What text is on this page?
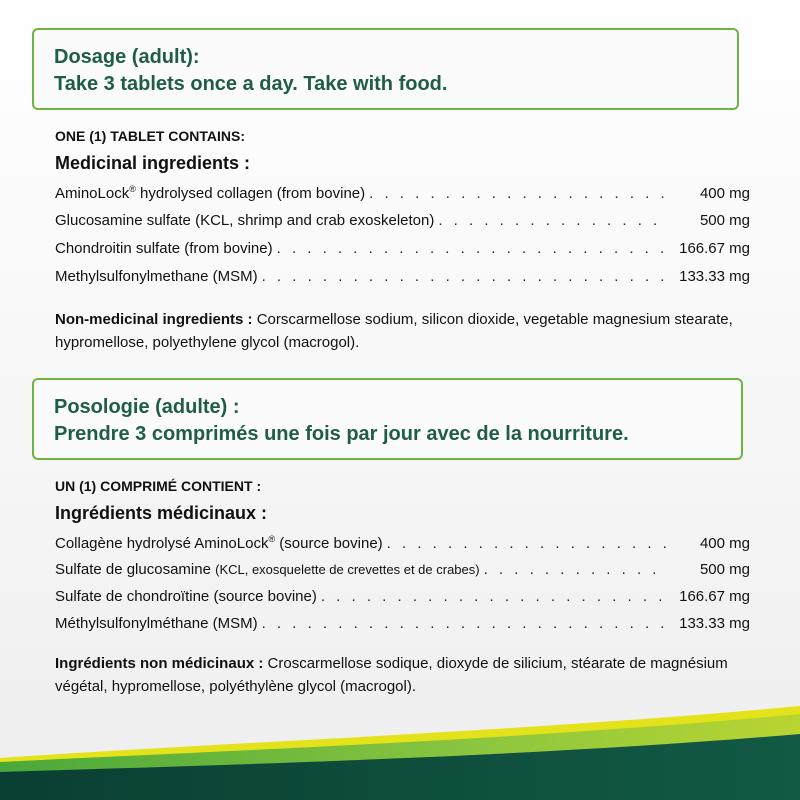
Dosage (adult):
Take 3 tablets once a day. Take with food.
ONE (1) TABLET CONTAINS:
Medicinal ingredients :
AminoLock® hydrolysed collagen (from bovine) . . .	400 mg
Glucosamine sulfate (KCL, shrimp and crab exoskeleton) . . .	500 mg
Chondroitin sulfate (from bovine) . . .	166.67 mg
Methylsulfonylmethane (MSM) . . .	133.33 mg
Non-medicinal ingredients : Corscarmellose sodium, silicon dioxide, vegetable magnesium stearate, hypromellose, polyethylene glycol (macrogol).
Posologie (adulte) :
Prendre 3 comprimés une fois par jour avec de la nourriture.
UN (1) COMPRIMÉ CONTIENT :
Ingrédients médicinaux :
Collagène hydrolysé AminoLock® (source bovine) . . .	400 mg
Sulfate de glucosamine (KCL, exosquelette de crevettes et de crabes) . . .	500 mg
Sulfate de chondroïtine (source bovine) . . .	166.67 mg
Méthylsulfonylméthane (MSM) . . .	133.33 mg
Ingrédients non médicinaux : Croscarmellose sodique, dioxyde de silicium, stéarate de magnésium végétal, hypromellose, polyéthylène glycol (macrogol).
